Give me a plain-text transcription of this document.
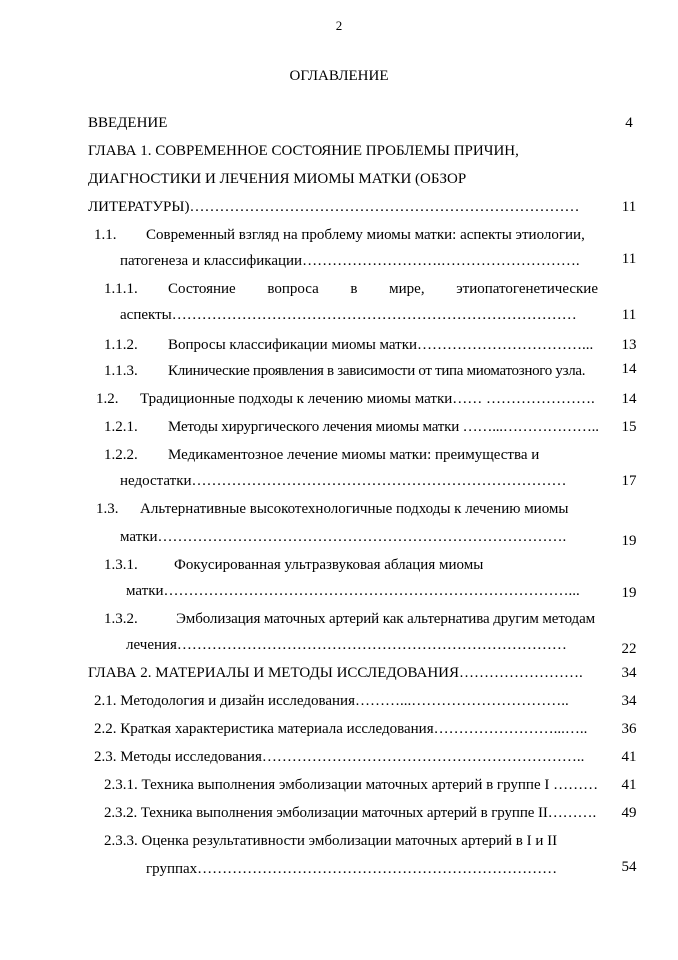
2
ОГЛАВЛЕНИЕ
ВВЕДЕНИЕ	4
ГЛАВА 1. СОВРЕМЕННОЕ СОСТОЯНИЕ ПРОБЛЕМЫ ПРИЧИН,
ДИАГНОСТИКИ И ЛЕЧЕНИЯ МИОМЫ МАТКИ (ОБЗОР
ЛИТЕРАТУРЫ)……………………………………………………………………	11
1.1. Современный взгляд на проблему миомы матки: аспекты этиологии,
патогенеза и классификации……………………….……………………….	11
1.1.1. Состояние вопроса в мире, этиопатогенетические
аспекты………………………………………………………………………	11
1.1.2. Вопросы классификации миомы матки……………………………... 13
1.1.3. Клинические проявления в зависимости от типа миоматозного узла. 14
1.2. Традиционные подходы к лечению миомы матки…… …………………. 14
1.2.1. Методы хирургического лечения миомы матки ……...……………….. 15
1.2.2. Медикаментозное лечение миомы матки: преимущества и
недостатки…………………………………………………………………	17
1.3. Альтернативные высокотехнологичные подходы к лечению миомы
матки……………………………………………………………………….	19
1.3.1. Фокусированная ультразвуковая аблация миомы
матки………………………………………………………………………...	19
1.3.2.	Эмболизация маточных артерий как альтернатива другим методам
лечения……………………………………………………………………	22
ГЛАВА 2. МАТЕРИАЛЫ И МЕТОДЫ ИССЛЕДОВАНИЯ…………………….	34
2.1. Методология и дизайн исследования………...…………………………..	34
2.2. Краткая характеристика материала исследования……………………...….. 36
2.3. Методы исследования……………………………………………………….. 41
2.3.1. Техника выполнения эмболизации маточных артерий в группе I ……… 41
2.3.2. Техника выполнения эмболизации маточных артерий в группе II………. 49
2.3.3. Оценка результативности эмболизации маточных артерий в I и II
группах………………………………………………………………	54
